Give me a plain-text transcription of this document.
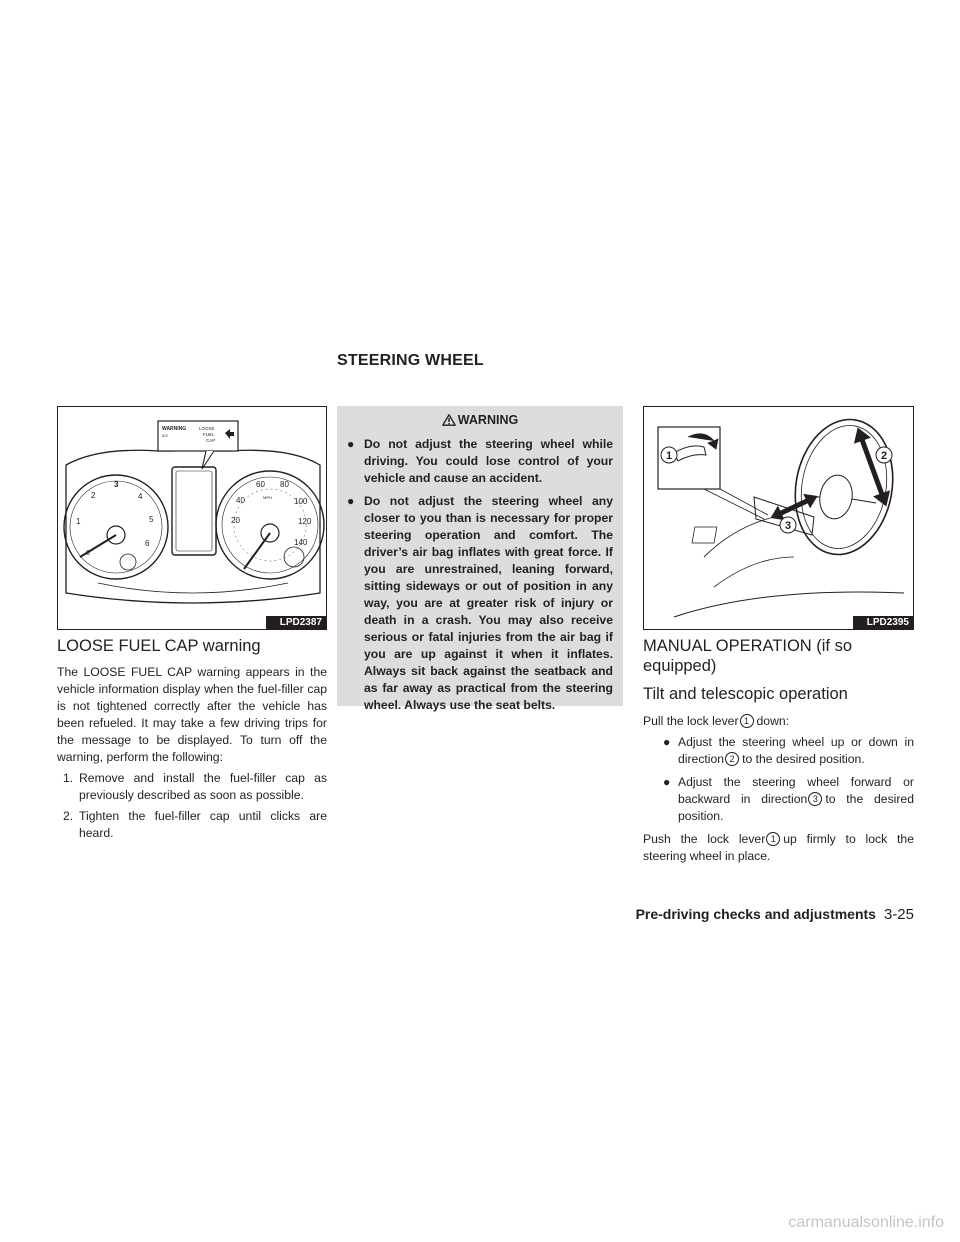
STEERING WHEEL
WARNING
0/3
LOOSE
FUEL
CAP
0
1
2
3
4
5
6
20
40
60 80
100
120
140
MPH
LPD2387
LOOSE FUEL CAP warning

The LOOSE FUEL CAP warning appears in the vehicle information display when the fuel-filler cap is not tightened correctly after the vehicle has been refueled. It may take a few driving trips for the message to be displayed. To turn off the warning, perform the following:

1. Remove and install the fuel-filler cap as previously described as soon as possible.
2. Tighten the fuel-filler cap until clicks are heard.
WARNING
● Do not adjust the steering wheel while driving. You could lose control of your vehicle and cause an accident.
● Do not adjust the steering wheel any closer to you than is necessary for proper steering operation and comfort. The driver’s air bag inflates with great force. If you are unrestrained, leaning forward, sitting sideways or out of position in any way, you are at greater risk of injury or death in a crash. You may also receive serious or fatal injuries from the air bag if you are up against it when it inflates. Always sit back against the seatback and as far away as practical from the steering wheel. Always use the seat belts.
1	2
3
LPD2395
MANUAL OPERATION (if so equipped)
Tilt and telescopic operation

Pull the lock lever 1 down:

● Adjust the steering wheel up or down in direction 2 to the desired position.
● Adjust the steering wheel forward or backward in direction 3 to the desired position.

Push the lock lever 1 up firmly to lock the steering wheel in place.

Pre-driving checks and adjustments 3-25
carmanualsonline.info
